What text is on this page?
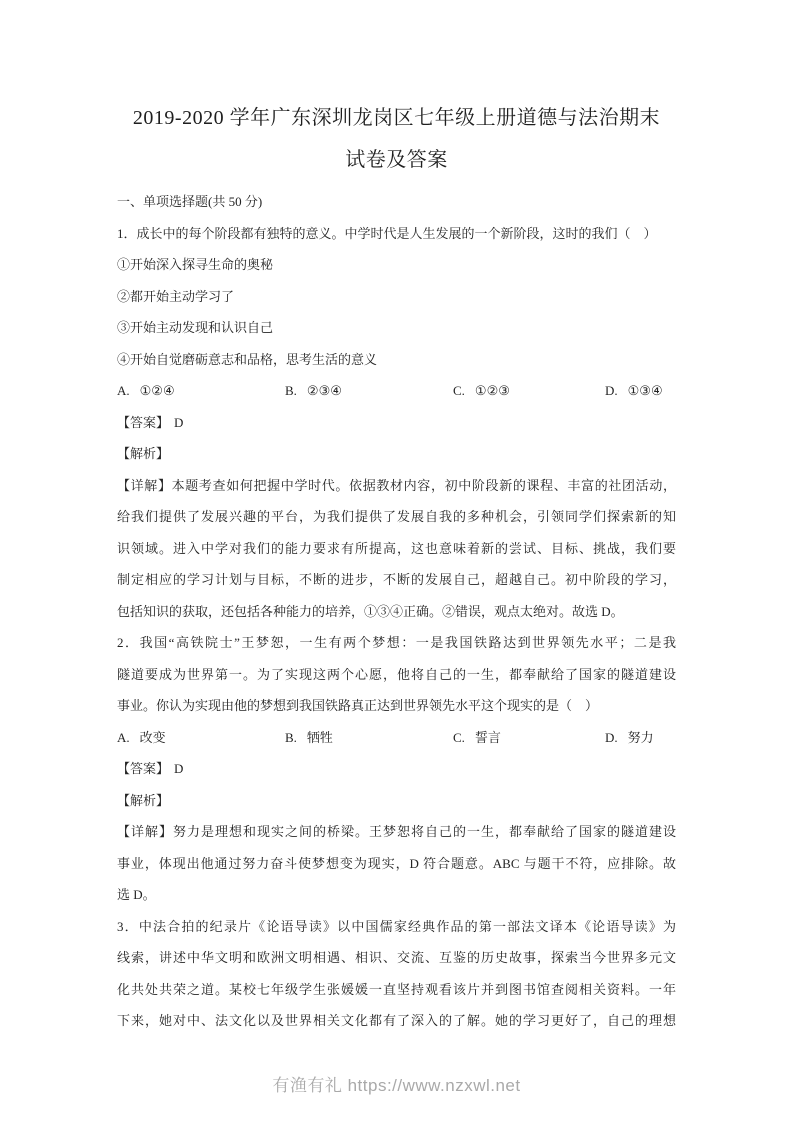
2019-2020 学年广东深圳龙岗区七年级上册道德与法治期末
试卷及答案
一、单项选择题(共 50 分)
1．成长中的每个阶段都有独特的意义。中学时代是人生发展的一个新阶段，这时的我们（　）
①开始深入探寻生命的奥秘
②都开始主动学习了
③开始主动发现和认识自己
④开始自觉磨砺意志和品格，思考生活的意义
A. ①②④	B. ②③④	C. ①②③	D. ①③④
【答案】 D
【解析】
【详解】本题考查如何把握中学时代。依据教材内容，初中阶段新的课程、丰富的社团活动，
给我们提供了发展兴趣的平台，为我们提供了发展自我的多种机会，引领同学们探索新的知
识领域。进入中学对我们的能力要求有所提高，这也意味着新的尝试、目标、挑战，我们要
制定相应的学习计划与目标，不断的进步，不断的发展自己，超越自己。初中阶段的学习，
包括知识的获取，还包括各种能力的培养，①③④正确。②错误，观点太绝对。故选 D。
2．我国“高铁院士”王梦恕，一生有两个梦想：一是我国铁路达到世界领先水平；二是我
隧道要成为世界第一。为了实现这两个心愿，他将自己的一生，都奉献给了国家的隧道建设
事业。你认为实现由他的梦想到我国铁路真正达到世界领先水平这个现实的是（　）
A. 改变	B. 牺牲	C. 誓言	D. 努力
【答案】 D
【解析】
【详解】努力是理想和现实之间的桥梁。王梦恕将自己的一生，都奉献给了国家的隧道建设
事业，体现出他通过努力奋斗使梦想变为现实，D 符合题意。ABC 与题干不符，应排除。故
选 D。
3．中法合拍的纪录片《论语导读》以中国儒家经典作品的第一部法文译本《论语导读》为
线索，讲述中华文明和欧洲文明相遇、相识、交流、互鉴的历史故事，探索当今世界多元文
化共处共荣之道。某校七年级学生张媛媛一直坚持观看该片并到图书馆查阅相关资料。一年
下来，她对中、法文化以及世界相关文化都有了深入的了解。她的学习更好了，自己的理想
有渔有礼 https://www.nzxwl.net
